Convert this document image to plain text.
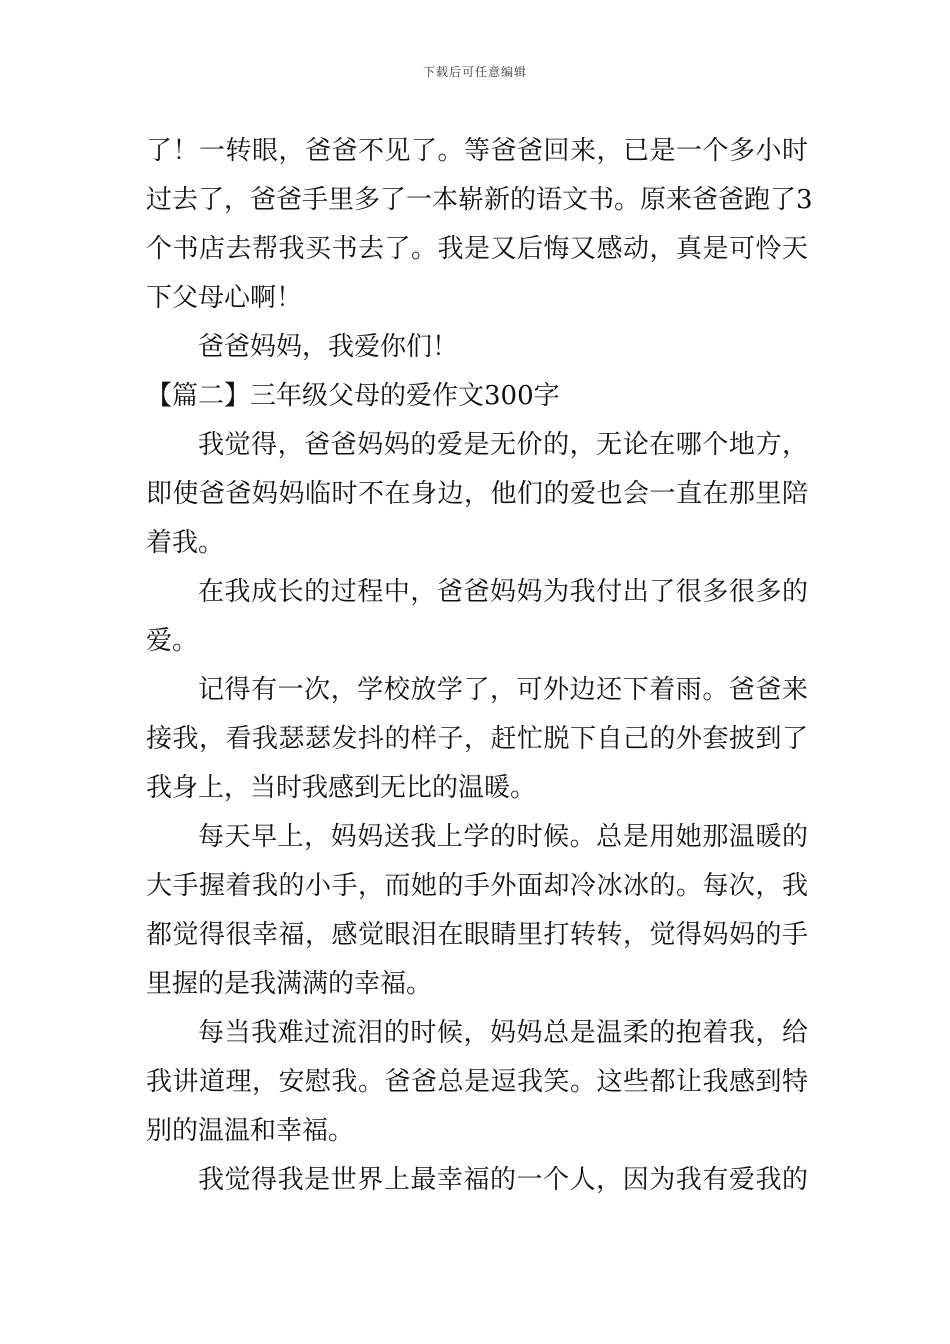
下载后可任意编辑
了！一转眼，爸爸不见了。等爸爸回来，已是一个多小时
过去了，爸爸手里多了一本崭新的语文书。原来爸爸跑了3
个书店去帮我买书去了。我是又后悔又感动，真是可怜天
下父母心啊！
爸爸妈妈，我爱你们！
【篇二】三年级父母的爱作文300字
我觉得，爸爸妈妈的爱是无价的，无论在哪个地方，
即使爸爸妈妈临时不在身边，他们的爱也会一直在那里陪
着我。
在我成长的过程中，爸爸妈妈为我付出了很多很多的
爱。
记得有一次，学校放学了，可外边还下着雨。爸爸来
接我，看我瑟瑟发抖的样子，赶忙脱下自己的外套披到了
我身上，当时我感到无比的温暖。
每天早上，妈妈送我上学的时候。总是用她那温暖的
大手握着我的小手，而她的手外面却冷冰冰的。每次，我
都觉得很幸福，感觉眼泪在眼睛里打转转，觉得妈妈的手
里握的是我满满的幸福。
每当我难过流泪的时候，妈妈总是温柔的抱着我，给
我讲道理，安慰我。爸爸总是逗我笑。这些都让我感到特
别的温温和幸福。
我觉得我是世界上最幸福的一个人，因为我有爱我的
